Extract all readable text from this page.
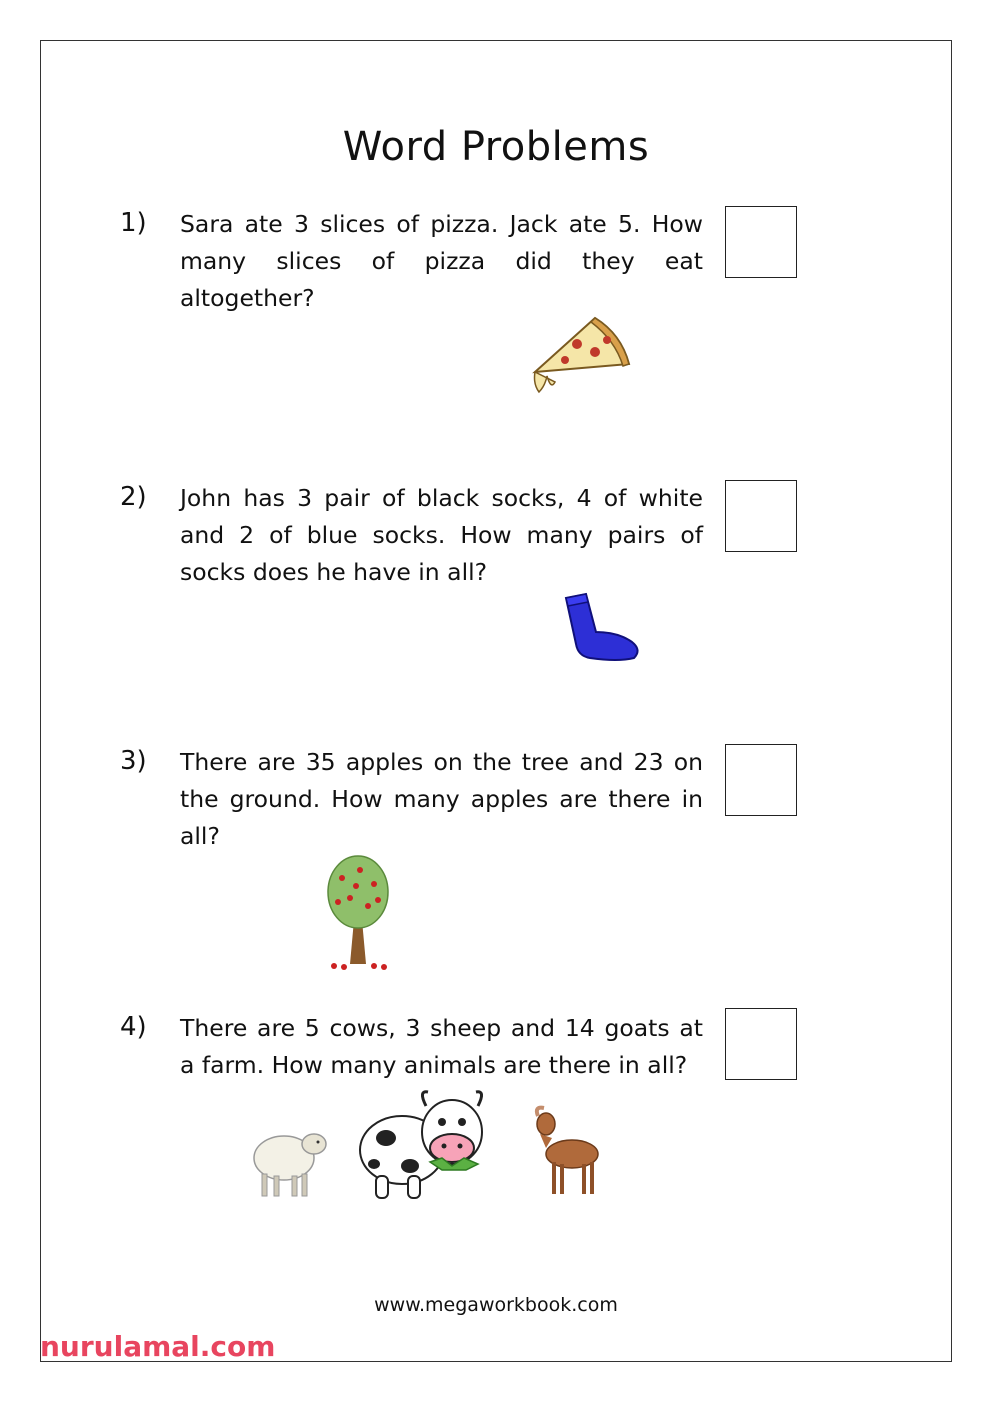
Word Problems
1) Sara ate 3 slices of pizza. Jack ate 5. How many slices of pizza did they eat altogether?
2) John has 3 pair of black socks, 4 of white and 2 of blue socks. How many pairs of socks does he have in all?
3) There are 35 apples on the tree and 23 on the ground. How many apples are there in all?
4) There are 5 cows, 3 sheep and 14 goats at a farm. How many animals are there in all?
www.megaworkbook.com
nurulamal.com
